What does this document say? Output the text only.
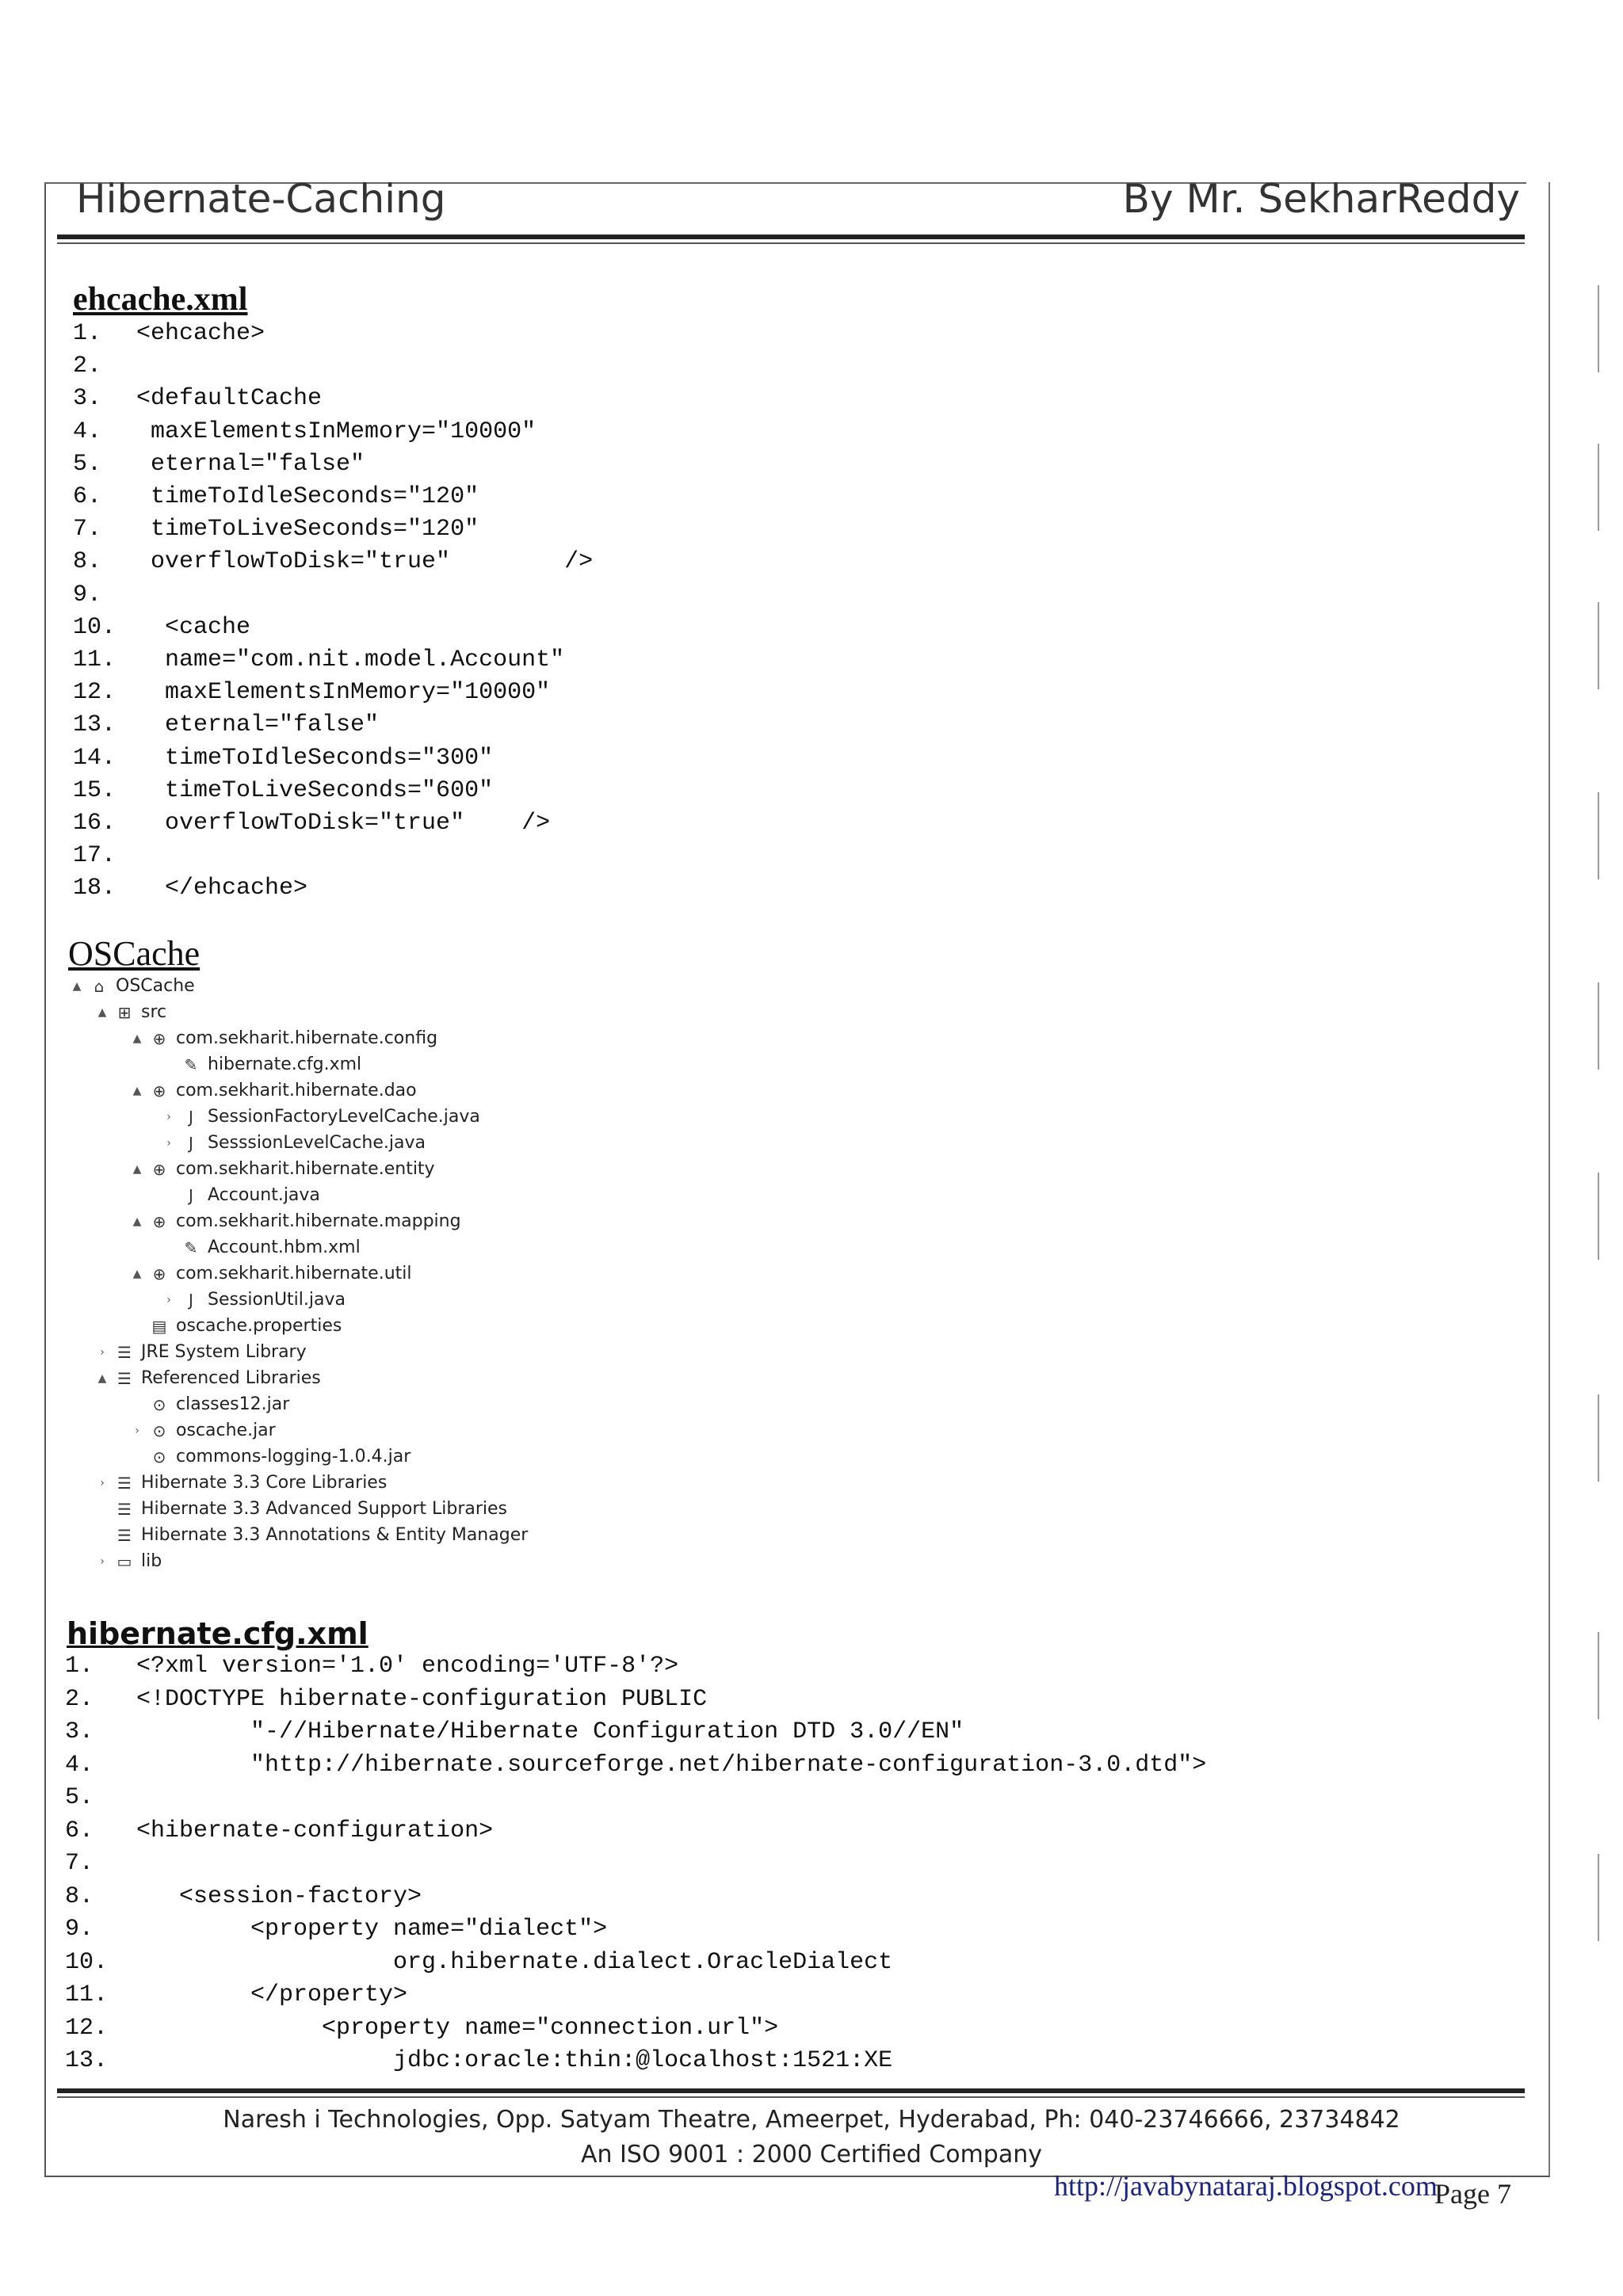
Hibernate-Caching	By Mr. SekharReddy
ehcache.xml
1. <ehcache>
2.
3. <defaultCache
4. maxElementsInMemory="10000"
5. eternal="false"
6. timeToIdleSeconds="120"
7. timeToLiveSeconds="120"
8. overflowToDisk="true"        />
9.
10.  <cache
11.  name="com.nit.model.Account"
12.  maxElementsInMemory="10000"
13.  eternal="false"
14.  timeToIdleSeconds="300"
15.  timeToLiveSeconds="600"
16.  overflowToDisk="true"    />
17.
18.  </ehcache>
OSCache
▲ ⌂ OSCache
▲ ⊞ src
▲ ⊕ com.sekharit.hibernate.config
✎ hibernate.cfg.xml
▲ ⊕ com.sekharit.hibernate.dao
›	J SessionFactoryLevelCache.java
›	J SesssionLevelCache.java
▲ ⊕ com.sekharit.hibernate.entity
J Account.java
▲ ⊕ com.sekharit.hibernate.mapping
✎ Account.hbm.xml
▲ ⊕ com.sekharit.hibernate.util
›	J SessionUtil.java
▤ oscache.properties
› ☰ JRE System Library
▲ ☰ Referenced Libraries
⊙ classes12.jar
› ⊙ oscache.jar
⊙ commons-logging-1.0.4.jar
› ☰ Hibernate 3.3 Core Libraries
☰ Hibernate 3.3 Advanced Support Libraries
☰ Hibernate 3.3 Annotations & Entity Manager
› ▭ lib
hibernate.cfg.xml
1. <?xml version='1.0' encoding='UTF-8'?>
2. <!DOCTYPE hibernate-configuration PUBLIC
3.        "-//Hibernate/Hibernate Configuration DTD 3.0//EN"
4.        "http://hibernate.sourceforge.net/hibernate-configuration-3.0.dtd">
5.
6. <hibernate-configuration>
7.
8.   <session-factory>
9.        <property name="dialect">
10.                  org.hibernate.dialect.OracleDialect
11.        </property>
12.             <property name="connection.url">
13.                  jdbc:oracle:thin:@localhost:1521:XE
Naresh i Technologies, Opp. Satyam Theatre, Ameerpet, Hyderabad, Ph: 040-23746666, 23734842
An ISO 9001 : 2000 Certified Company
http://javabynataraj.blogspot.com
Page 7
